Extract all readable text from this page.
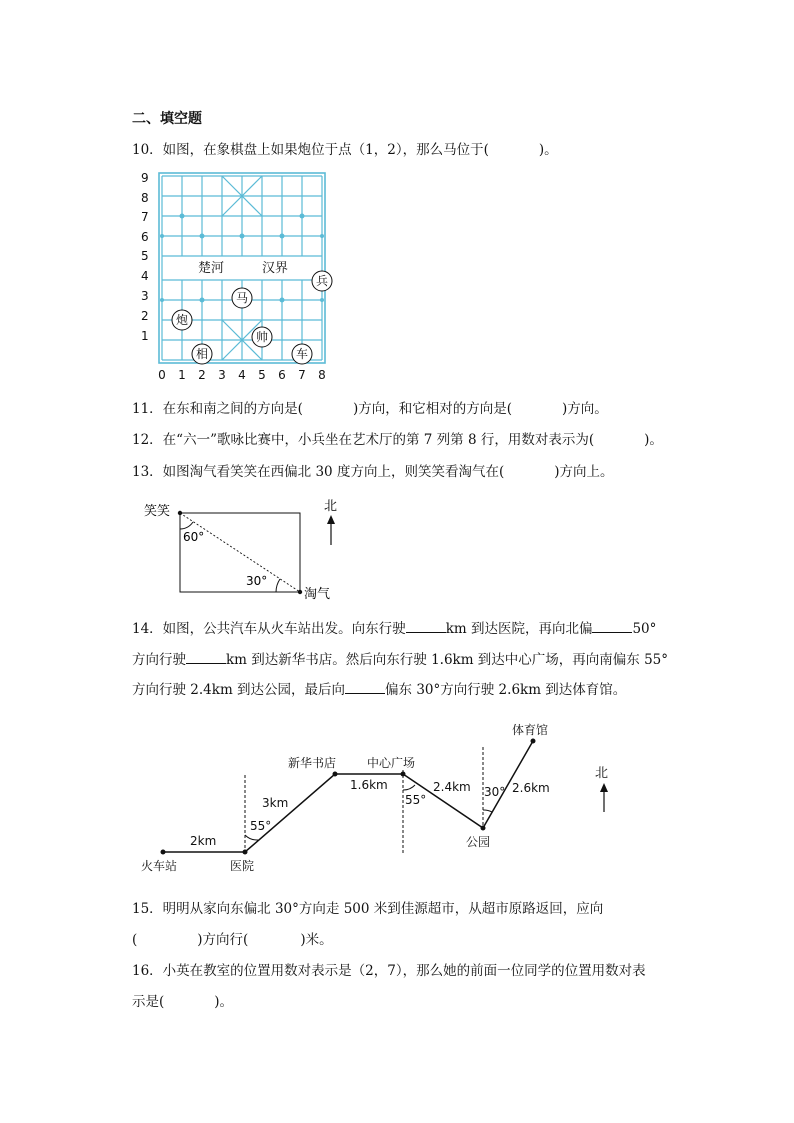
二、填空题
10．如图，在象棋盘上如果炮位于点（1，2），那么马位于(	)。
9
8
7
6
5
4
3
2
1
楚河	汉界
兵
马
炮
帅
相	车
0 1 2 3 4 5 6 7 8
11．在东和南之间的方向是(	)方向，和它相对的方向是(	)方向。
12．在“六一”歌咏比赛中，小兵坐在艺术厅的第 7 列第 8 行，用数对表示为(	)。
13．如图淘气看笑笑在西偏北 30 度方向上，则笑笑看淘气在(	)方向上。
笑笑
60°
30°
淘气
北
14．如图，公共汽车从火车站出发。向东行驶	km 到达医院，再向北偏	50°
方向行驶	km 到达新华书店。然后向东行驶 1.6km 到达中心广场，再向南偏东 55°
方向行驶 2.4km 到达公园，最后向	偏东 30°方向行驶 2.6km 到达体育馆。
火车站	医院
新华书店	中心广场
公园
体育馆
2km
3km
1.6km	2.4km	2.6km
55°
55°
30°
北
15．明明从家向东偏北 30°方向走 500 米到佳源超市，从超市原路返回，应向
(	)方向行(	)米。
16．小英在教室的位置用数对表示是（2，7），那么她的前面一位同学的位置用数对表
示是(	)。
